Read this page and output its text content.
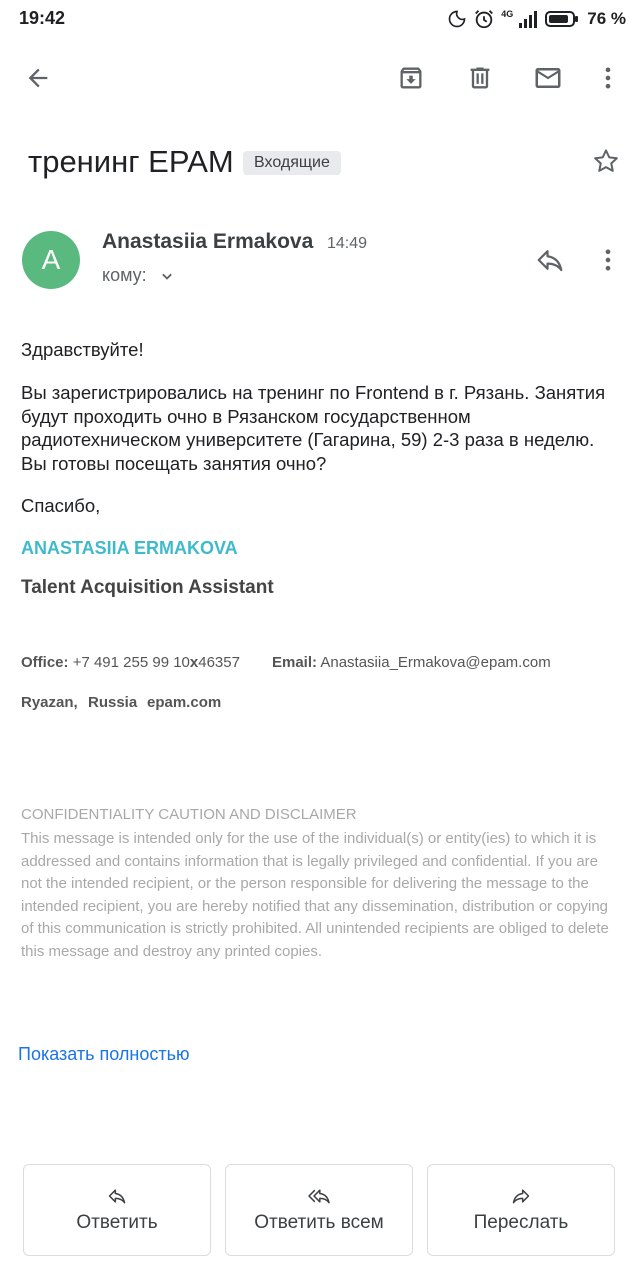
19:42	4G	76 %
тренинг EPAM	Входящие
A
Anastasiia Ermakova 14:49
кому:
Здравствуйте!
Вы зарегистрировались на тренинг по Frontend в г. Рязань. Занятия будут проходить очно в Рязанском государственном радиотехническом университете (Гагарина, 59) 2-3 раза в неделю. Вы готовы посещать занятия очно?
Спасибо,
ANASTASIIA ERMAKOVA
Talent Acquisition Assistant
Office: +7 491 255 99 10x46357 Email: Anastasiia_Ermakova@epam.com
Ryazan, Russia epam.com
CONFIDENTIALITY CAUTION AND DISCLAIMER
This message is intended only for the use of the individual(s) or entity(ies) to which it is addressed and contains information that is legally privileged and confidential. If you are not the intended recipient, or the person responsible for delivering the message to the intended recipient, you are hereby notified that any dissemination, distribution or copying of this communication is strictly prohibited. All unintended recipients are obliged to delete this message and destroy any printed copies.
Показать полностью
Ответить	Ответить всем	Переслать
